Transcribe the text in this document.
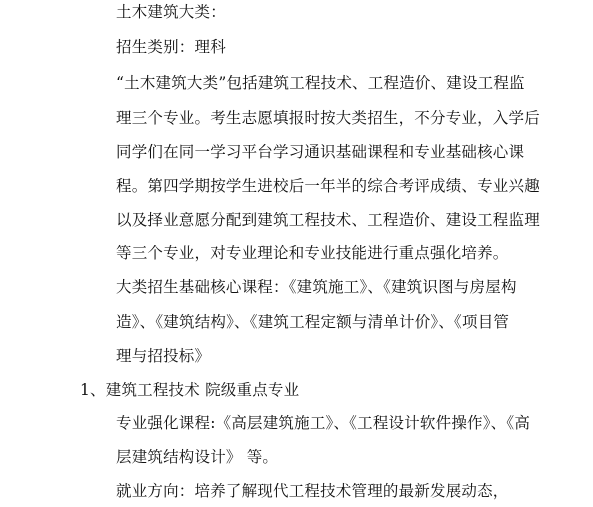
土木建筑大类：
招生类别：理科
“土木建筑大类”包括建筑工程技术、工程造价、建设工程监
理三个专业。考生志愿填报时按大类招生，不分专业，入学后
同学们在同一学习平台学习通识基础课程和专业基础核心课
程。第四学期按学生进校后一年半的综合考评成绩、专业兴趣
以及择业意愿分配到建筑工程技术、工程造价、建设工程监理
等三个专业，对专业理论和专业技能进行重点强化培养。
大类招生基础核心课程：《建筑施工》、《建筑识图与房屋构
造》、《建筑结构》、《建筑工程定额与清单计价》、《项目管
理与招投标》
1、建筑工程技术 院级重点专业
专业强化课程:《高层建筑施工》、《工程设计软件操作》、《高
层建筑结构设计》 等。
就业方向：培养了解现代工程技术管理的最新发展动态，
